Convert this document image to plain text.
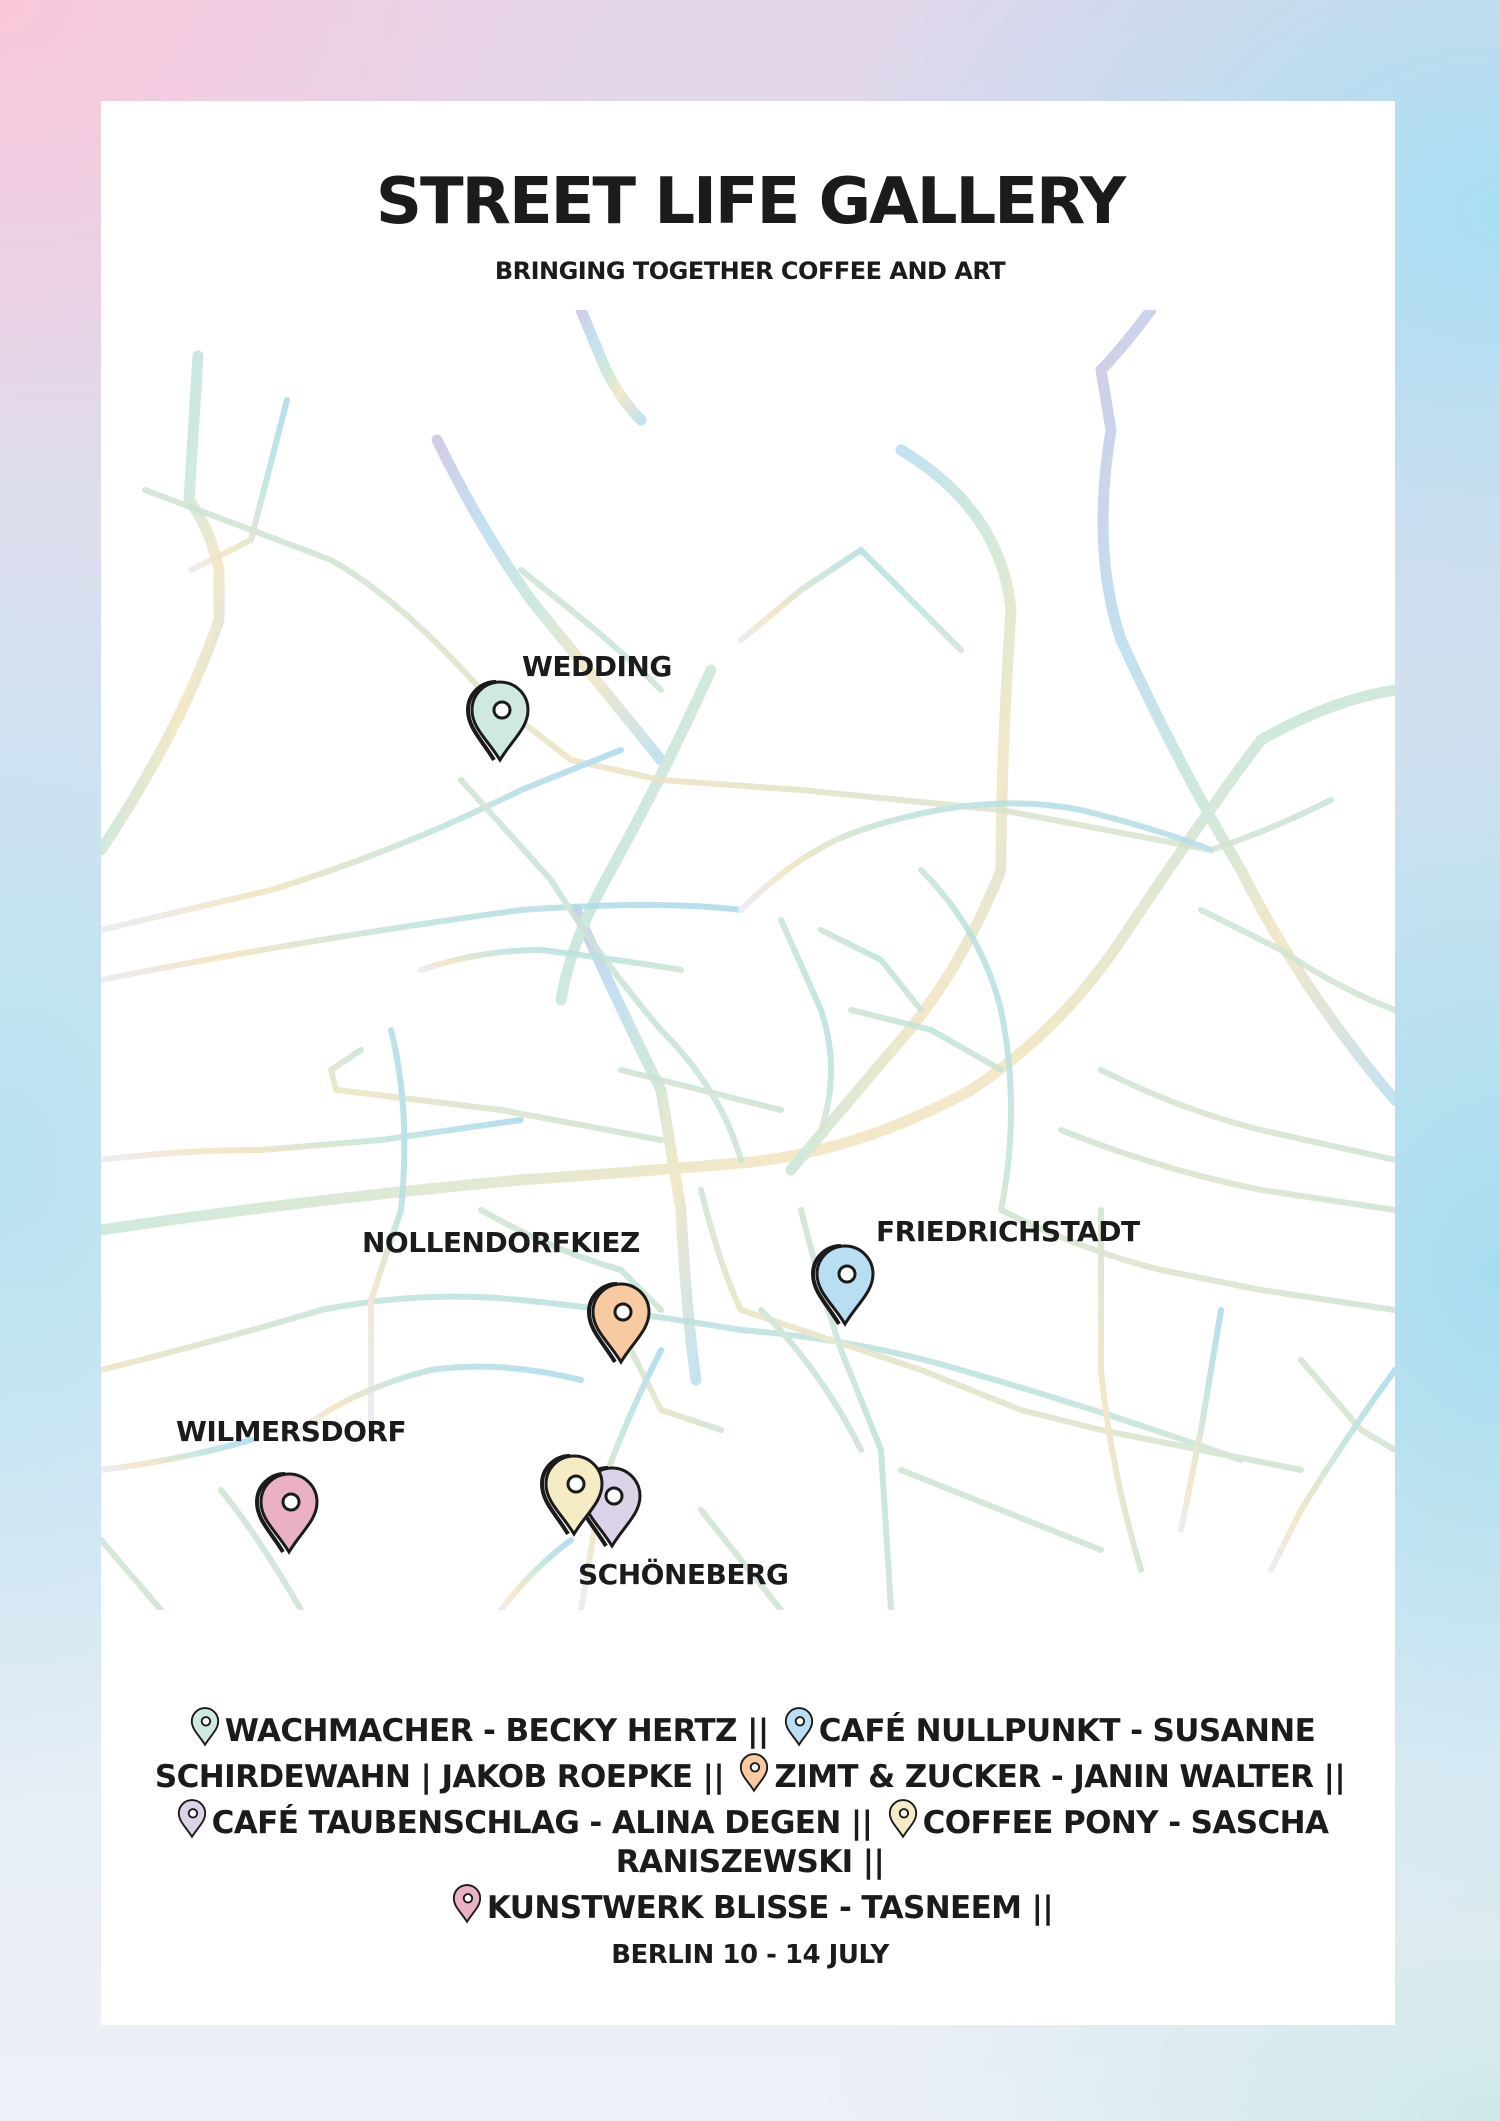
STREET LIFE GALLERY
BRINGING TOGETHER COFFEE AND ART
WEDDING
NOLLENDORFKIEZ	FRIEDRICHSTADT
WILMERSDORF
SCHÖNEBERG
WACHMACHER - BECKY HERTZ || CAFÉ NULLPUNKT - SUSANNE SCHIRDEWAHN | JAKOB ROEPKE || ZIMT & ZUCKER - JANIN WALTER || CAFÉ TAUBENSCHLAG - ALINA DEGEN || COFFEE PONY - SASCHA RANISZEWSKI ||
KUNSTWERK BLISSE - TASNEEM ||
BERLIN 10 - 14 JULY
